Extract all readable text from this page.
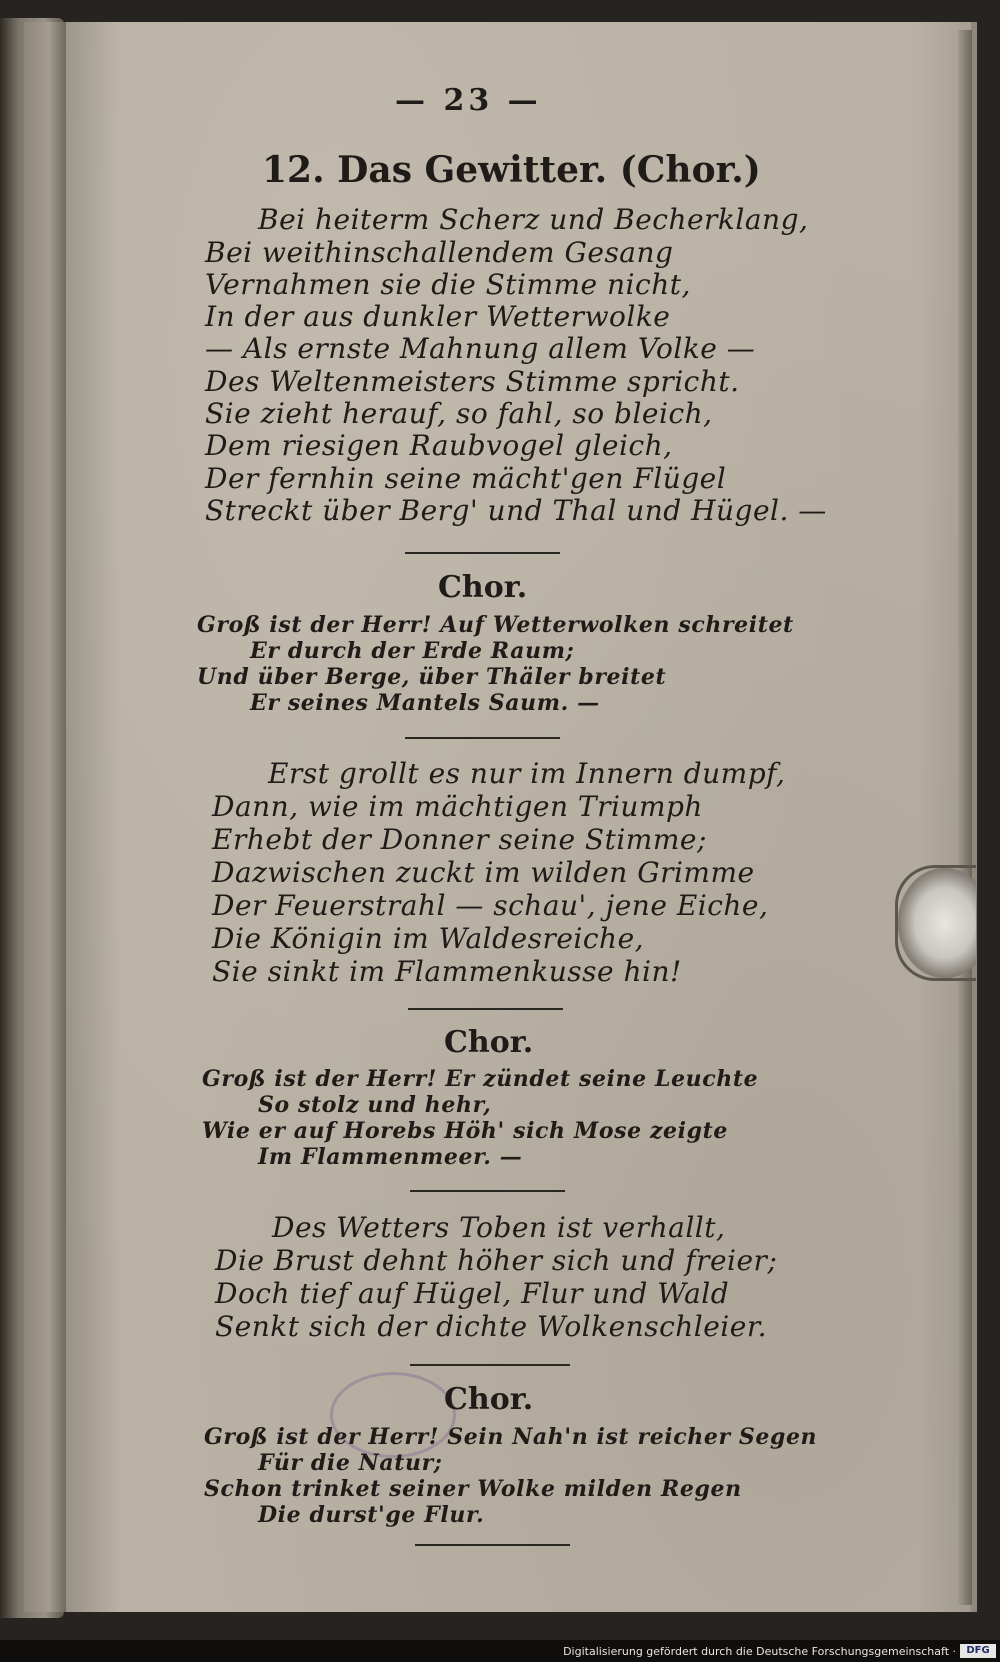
— 23 —
12. Das Gewitter. (Chor.)
Bei heiterm Scherz und Becherklang,
Bei weithinschallendem Gesang
Vernahmen sie die Stimme nicht,
In der aus dunkler Wetterwolke
— Als ernste Mahnung allem Volke —
Des Weltenmeisters Stimme spricht.
Sie zieht herauf, so fahl, so bleich,
Dem riesigen Raubvogel gleich,
Der fernhin seine mächt'gen Flügel
Streckt über Berg' und Thal und Hügel. —
Chor.
Groß ist der Herr! Auf Wetterwolken schreitet
Er durch der Erde Raum;
Und über Berge, über Thäler breitet
Er seines Mantels Saum. —
Erst grollt es nur im Innern dumpf,
Dann, wie im mächtigen Triumph
Erhebt der Donner seine Stimme;
Dazwischen zuckt im wilden Grimme
Der Feuerstrahl — schau', jene Eiche,
Die Königin im Waldesreiche,
Sie sinkt im Flammenkusse hin!
Chor.
Groß ist der Herr! Er zündet seine Leuchte
So stolz und hehr,
Wie er auf Horebs Höh' sich Mose zeigte
Im Flammenmeer. —
Des Wetters Toben ist verhallt,
Die Brust dehnt höher sich und freier;
Doch tief auf Hügel, Flur und Wald
Senkt sich der dichte Wolkenschleier.
Chor.
Groß ist der Herr! Sein Nah'n ist reicher Segen
Für die Natur;
Schon trinket seiner Wolke milden Regen
Die durst'ge Flur.
Digitalisierung gefördert durch die Deutsche Forschungsgemeinschaft ·	DFG
